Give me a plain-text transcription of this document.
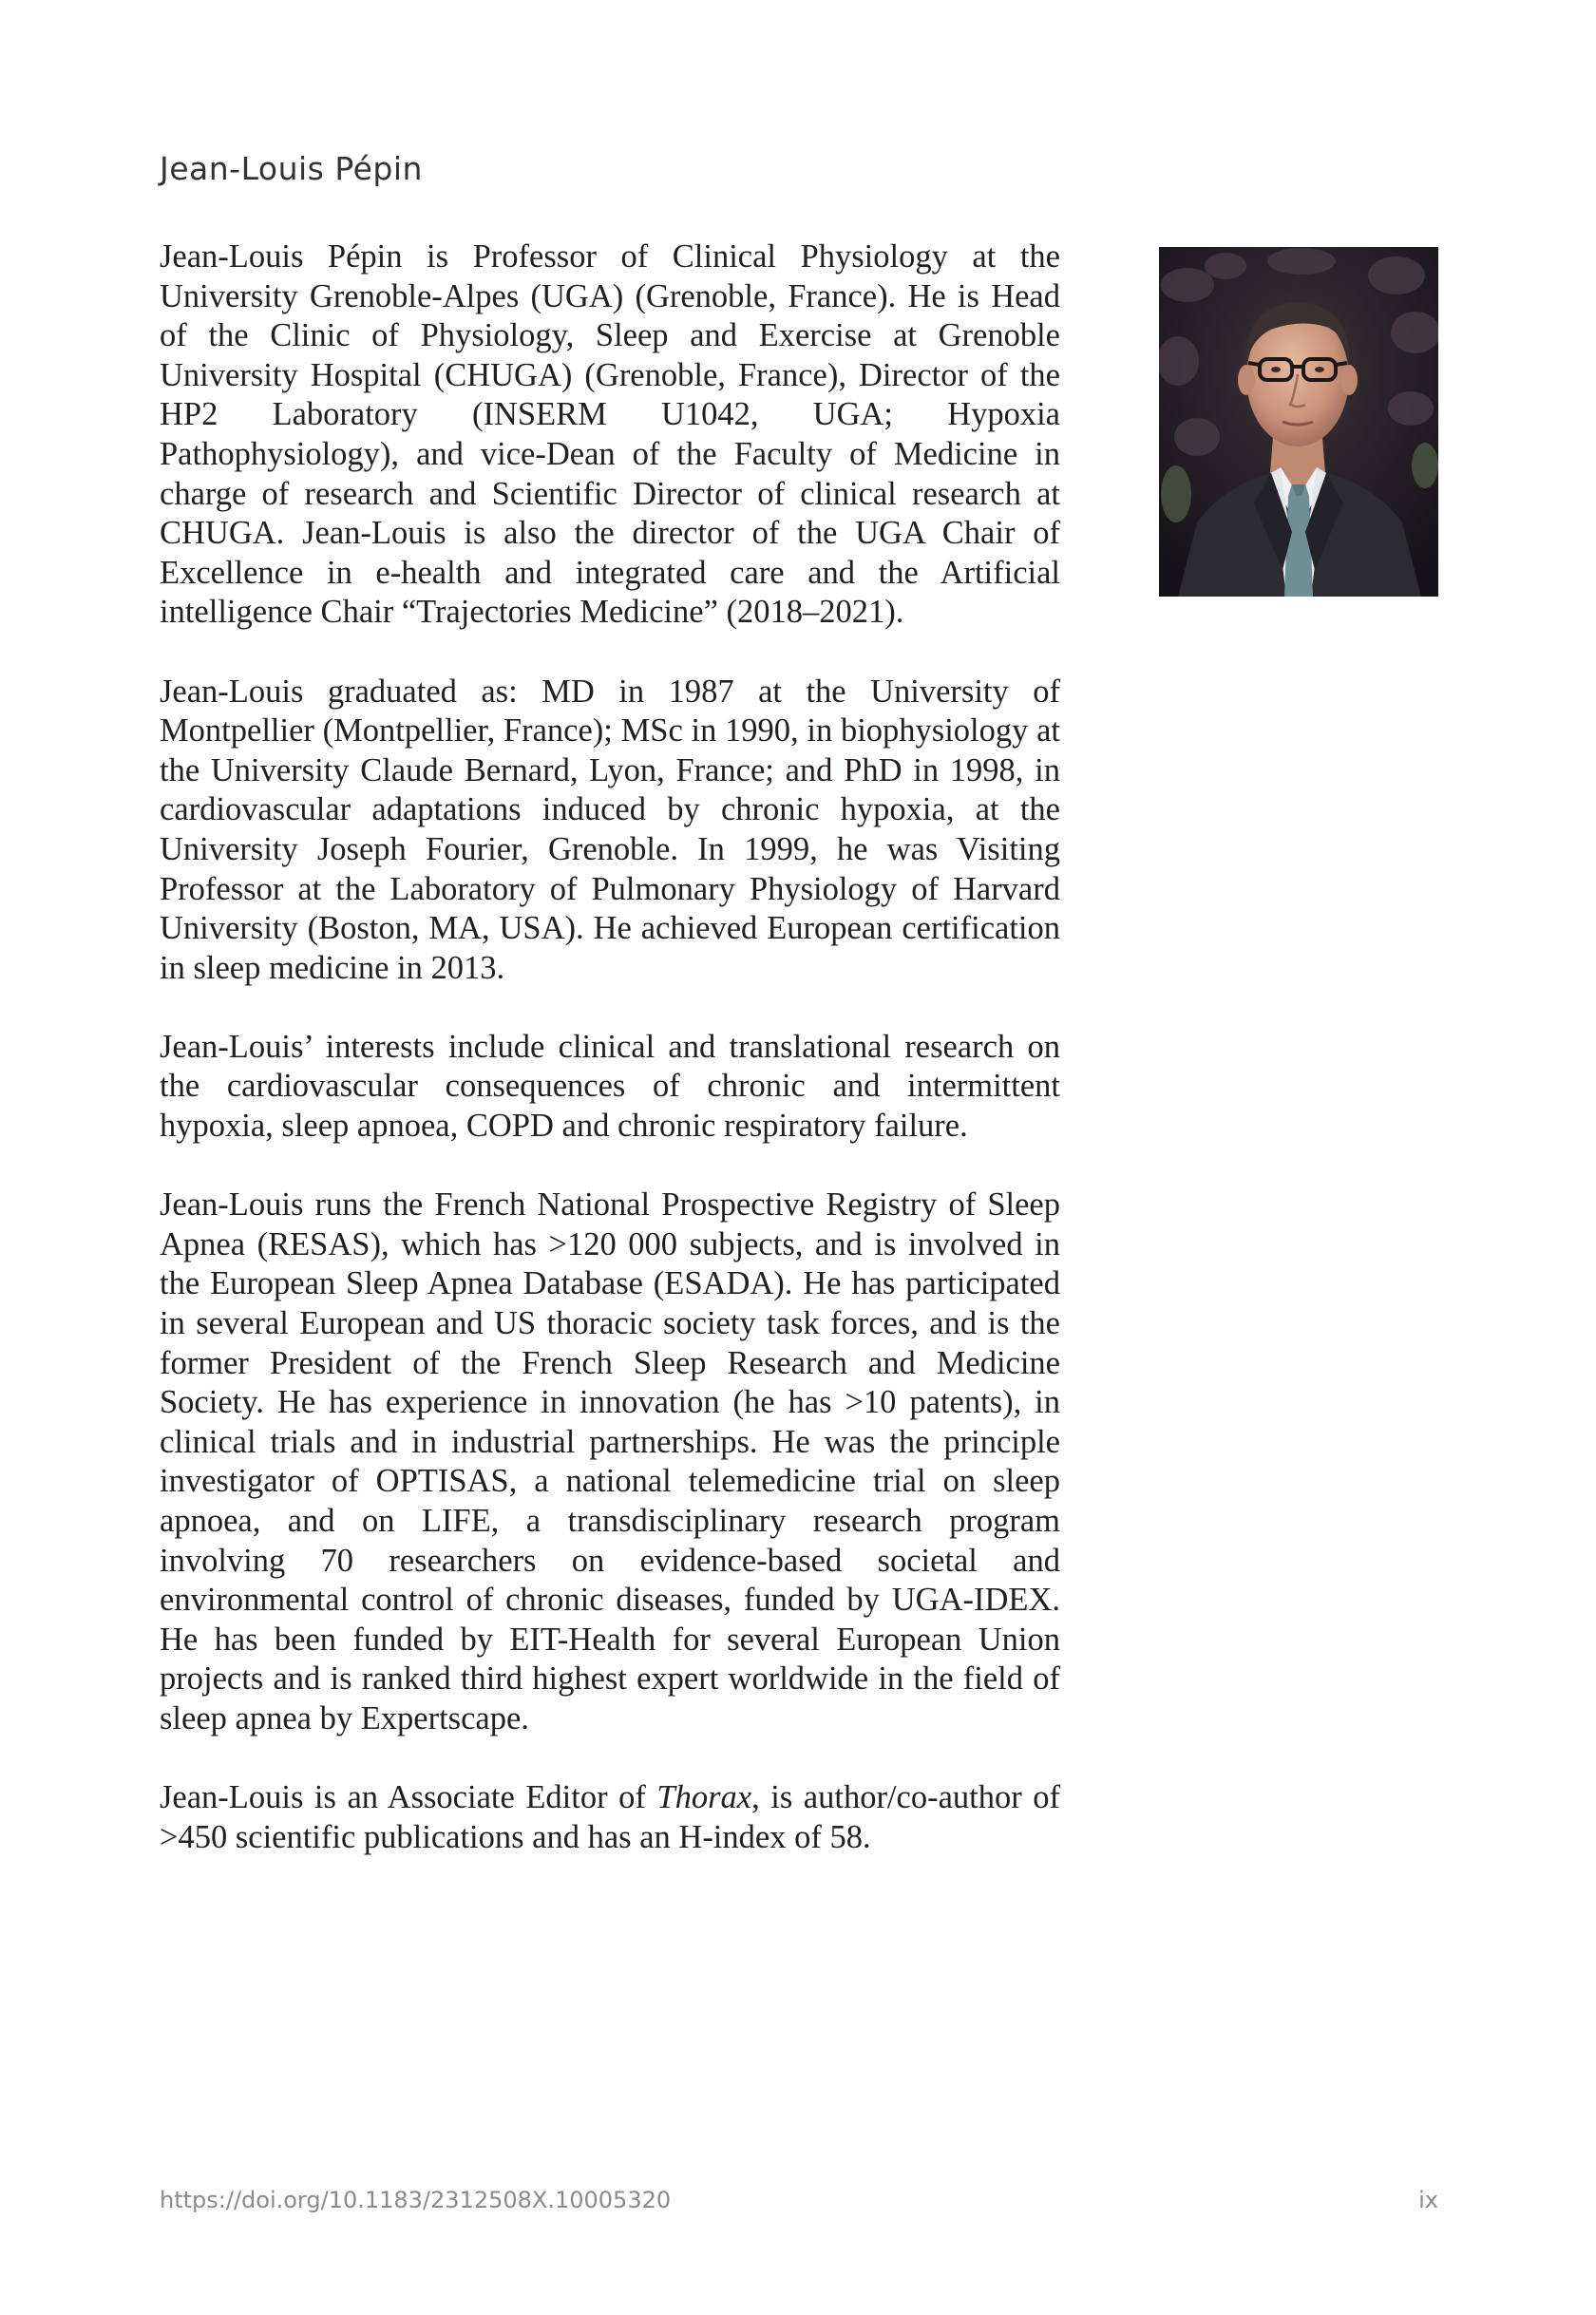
Jean-Louis Pépin

Jean-Louis Pépin is Professor of Clinical Physiology at the University Grenoble-Alpes (UGA) (Grenoble, France). He is Head of the Clinic of Physiology, Sleep and Exercise at Grenoble University Hospital (CHUGA) (Grenoble, France), Director of the HP2 Laboratory (INSERM U1042, UGA; Hypoxia Pathophysiology), and vice-Dean of the Faculty of Medicine in charge of research and Scientific Director of clinical research at CHUGA. Jean-Louis is also the director of the UGA Chair of Excellence in e-health and integrated care and the Artificial intelligence Chair “Trajectories Medicine” (2018–2021).

Jean-Louis graduated as: MD in 1987 at the University of Montpellier (Montpellier, France); MSc in 1990, in biophysiology at the University Claude Bernard, Lyon, France; and PhD in 1998, in cardiovascular adaptations induced by chronic hypoxia, at the University Joseph Fourier, Grenoble. In 1999, he was Visiting Professor at the Laboratory of Pulmonary Physiology of Harvard University (Boston, MA, USA). He achieved European certification in sleep medicine in 2013.

Jean-Louis’ interests include clinical and translational research on the cardiovascular consequences of chronic and intermittent hypoxia, sleep apnoea, COPD and chronic respiratory failure.

Jean-Louis runs the French National Prospective Registry of Sleep Apnea (RESAS), which has >120 000 subjects, and is involved in the European Sleep Apnea Database (ESADA). He has participated in several European and US thoracic society task forces, and is the former President of the French Sleep Research and Medicine Society. He has experience in innovation (he has >10 patents), in clinical trials and in industrial partnerships. He was the principle investigator of OPTISAS, a national telemedicine trial on sleep apnoea, and on LIFE, a transdisciplinary research program involving 70 researchers on evidence-based societal and environmental control of chronic diseases, funded by UGA-IDEX. He has been funded by EIT-Health for several European Union projects and is ranked third highest expert worldwide in the field of sleep apnea by Expertscape.

Jean-Louis is an Associate Editor of Thorax, is author/co-author of >450 scientific publications and has an H-index of 58.

https://doi.org/10.1183/2312508X.10005320	ix
